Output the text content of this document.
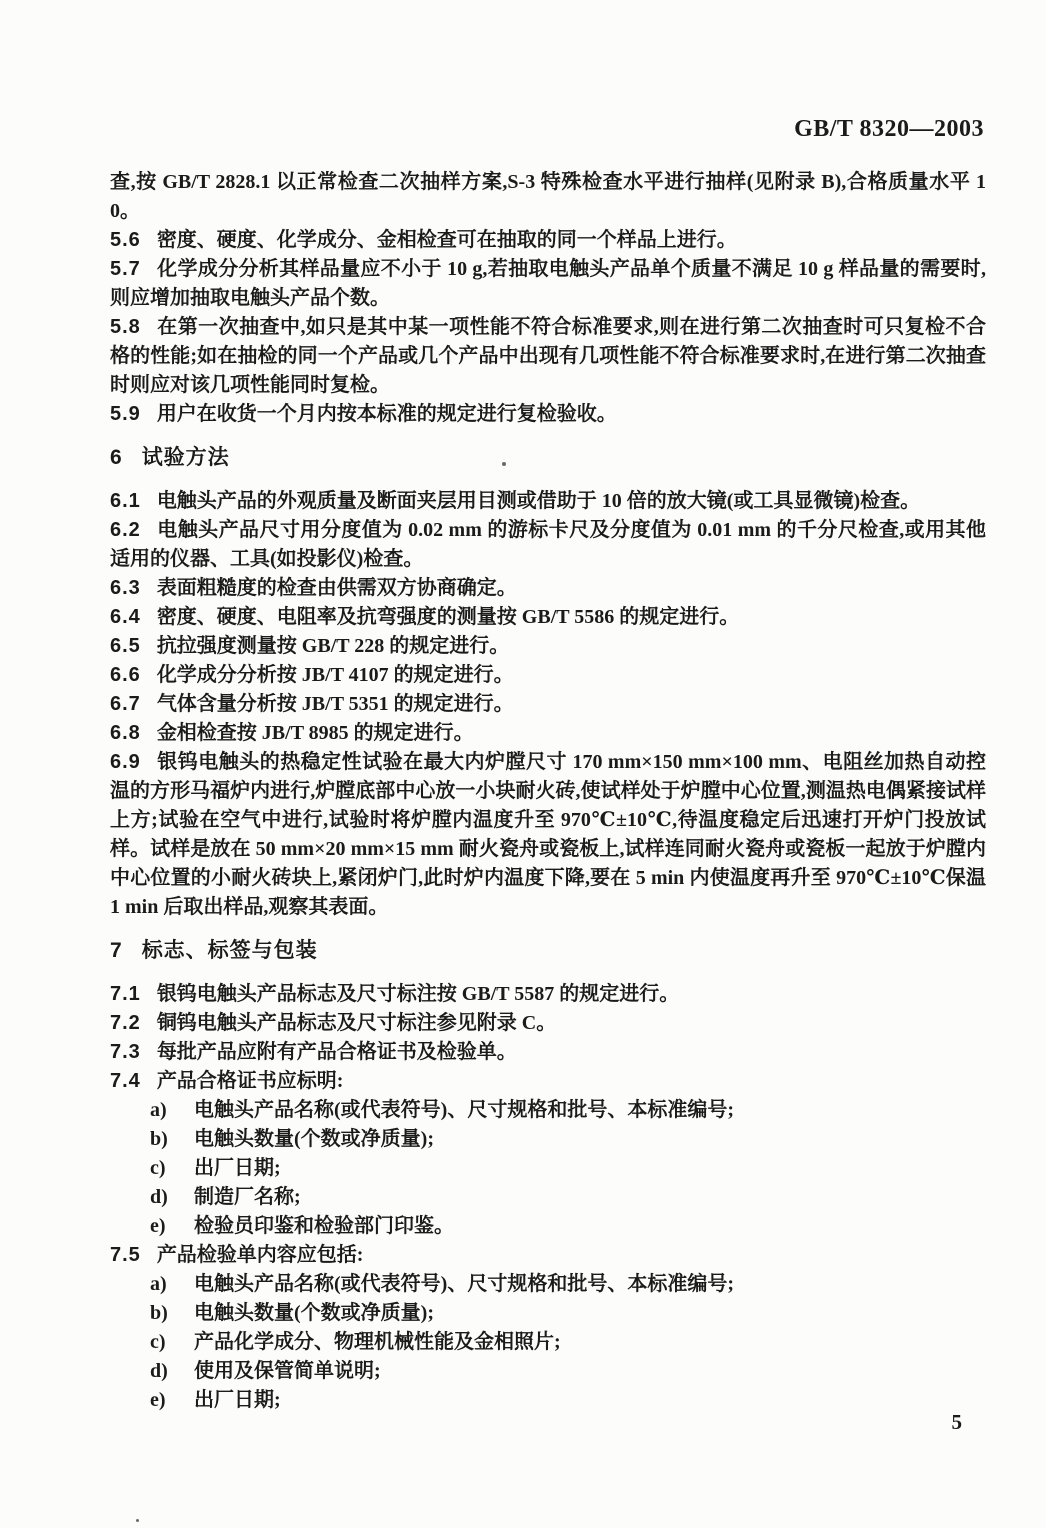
GB/T 8320—2003

查,按 GB/T 2828.1 以正常检查二次抽样方案,S-3 特殊检查水平进行抽样(见附录 B),合格质量水平 10。

5.6 密度、硬度、化学成分、金相检查可在抽取的同一个样品上进行。

5.7 化学成分分析其样品量应不小于 10 g,若抽取电触头产品单个质量不满足 10 g 样品量的需要时,则应增加抽取电触头产品个数。

5.8 在第一次抽查中,如只是其中某一项性能不符合标准要求,则在进行第二次抽查时可只复检不合格的性能;如在抽检的同一个产品或几个产品中出现有几项性能不符合标准要求时,在进行第二次抽查时则应对该几项性能同时复检。

5.9 用户在收货一个月内按本标准的规定进行复检验收。

6 试验方法

6.1 电触头产品的外观质量及断面夹层用目测或借助于 10 倍的放大镜(或工具显微镜)检查。

6.2 电触头产品尺寸用分度值为 0.02 mm 的游标卡尺及分度值为 0.01 mm 的千分尺检查,或用其他适用的仪器、工具(如投影仪)检查。

6.3 表面粗糙度的检查由供需双方协商确定。

6.4 密度、硬度、电阻率及抗弯强度的测量按 GB/T 5586 的规定进行。

6.5 抗拉强度测量按 GB/T 228 的规定进行。

6.6 化学成分分析按 JB/T 4107 的规定进行。

6.7 气体含量分析按 JB/T 5351 的规定进行。

6.8 金相检查按 JB/T 8985 的规定进行。

6.9 银钨电触头的热稳定性试验在最大内炉膛尺寸 170 mm×150 mm×100 mm、电阻丝加热自动控温的方形马福炉内进行,炉膛底部中心放一小块耐火砖,使试样处于炉膛中心位置,测温热电偶紧接试样上方;试验在空气中进行,试验时将炉膛内温度升至 970℃±10℃,待温度稳定后迅速打开炉门投放试样。试样是放在 50 mm×20 mm×15 mm 耐火瓷舟或瓷板上,试样连同耐火瓷舟或瓷板一起放于炉膛内中心位置的小耐火砖块上,紧闭炉门,此时炉内温度下降,要在 5 min 内使温度再升至 970℃±10℃保温 1 min 后取出样品,观察其表面。

7 标志、标签与包装

7.1 银钨电触头产品标志及尺寸标注按 GB/T 5587 的规定进行。

7.2 铜钨电触头产品标志及尺寸标注参见附录 C。

7.3 每批产品应附有产品合格证书及检验单。

7.4 产品合格证书应标明:

a) 电触头产品名称(或代表符号)、尺寸规格和批号、本标准编号;

b) 电触头数量(个数或净质量);

c) 出厂日期;

d) 制造厂名称;

e) 检验员印鉴和检验部门印鉴。

7.5 产品检验单内容应包括:

a) 电触头产品名称(或代表符号)、尺寸规格和批号、本标准编号;

b) 电触头数量(个数或净质量);

c) 产品化学成分、物理机械性能及金相照片;

d) 使用及保管简单说明;

e) 出厂日期;

5
